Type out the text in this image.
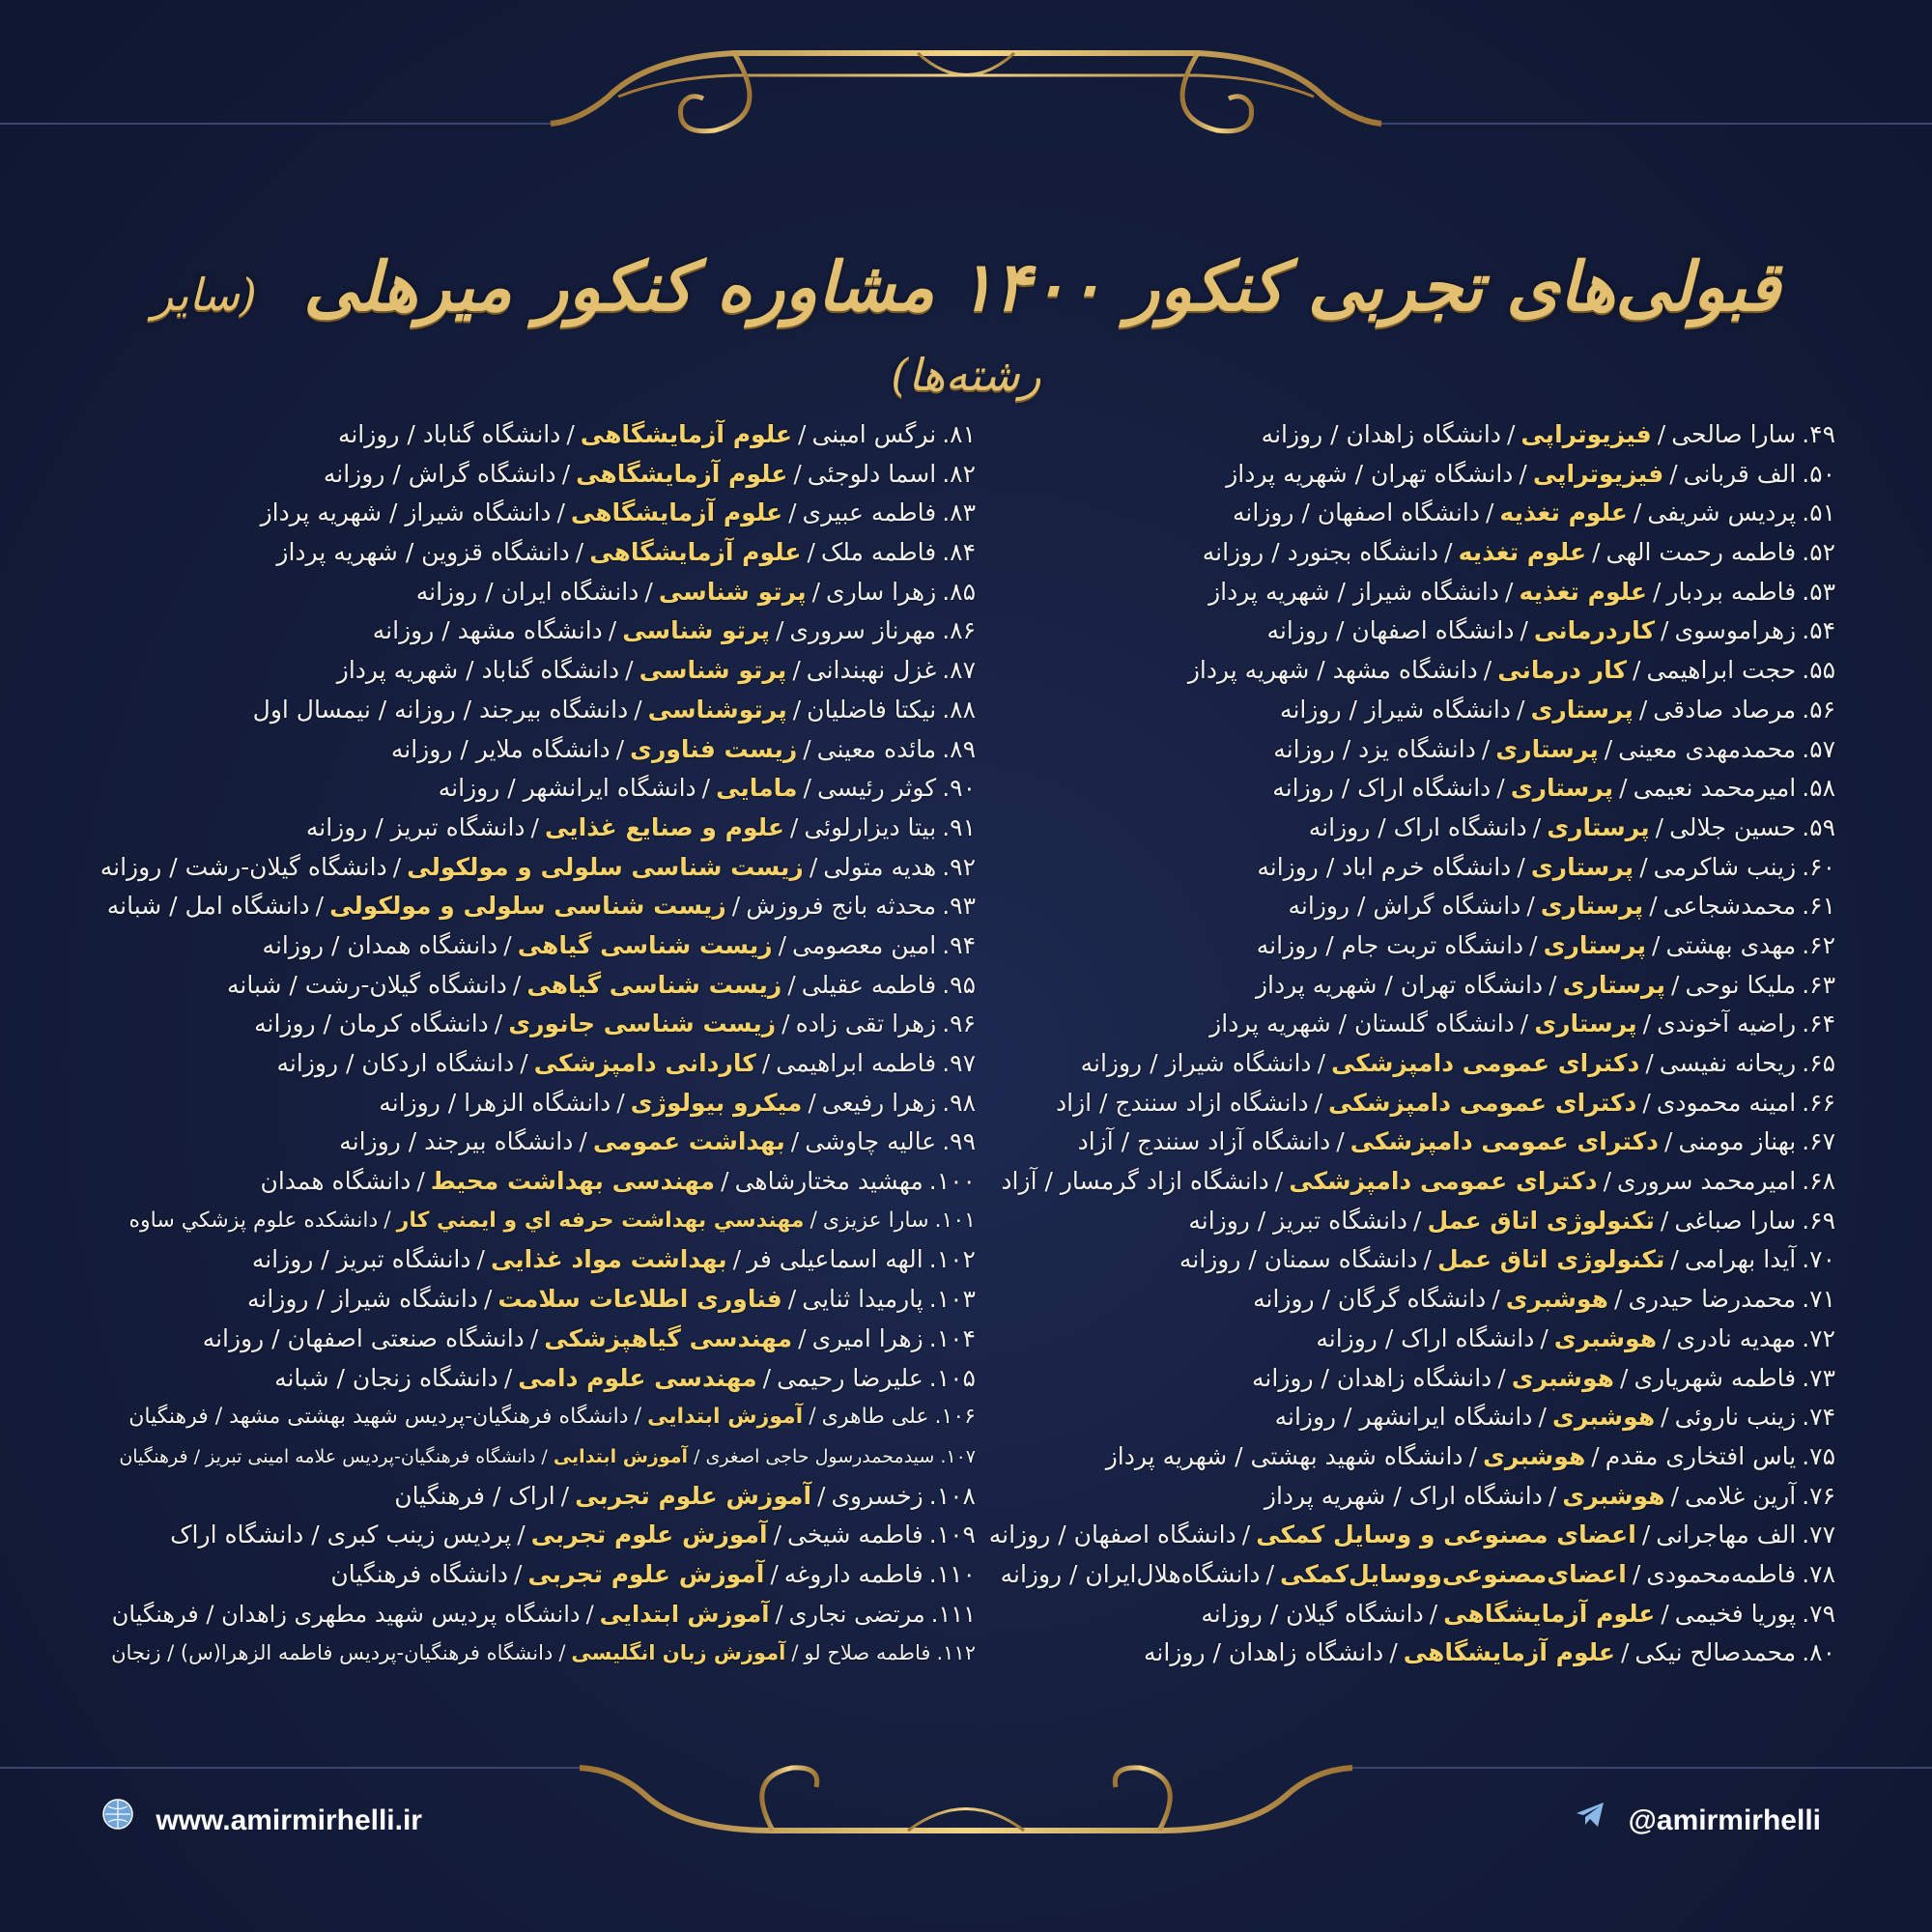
قبولی‌های تجربی کنکور ۱۴۰۰ مشاوره کنکور میرهلی (سایر رشته‌ها)
۴۹.سارا صالحی/فیزیوتراپی/دانشگاه زاهدان / روزانه
۵۰.الف قربانی/فیزیوتراپی/دانشگاه تهران / شهریه پرداز
۵۱.پردیس شریفی/علوم تغذیه/دانشگاه اصفهان / روزانه
۵۲.فاطمه رحمت الهی/علوم تغذیه/دانشگاه بجنورد / روزانه
۵۳.فاطمه بردبار/علوم تغذیه/دانشگاه شیراز / شهریه پرداز
۵۴.زهراموسوی/کاردرمانی/دانشگاه اصفهان / روزانه
۵۵.حجت ابراهیمی/کار درمانی/دانشگاه مشهد / شهریه پرداز
۵۶.مرصاد صادقی/پرستاری/دانشگاه شیراز / روزانه
۵۷.محمدمهدی معینی/پرستاری/دانشگاه یزد / روزانه
۵۸.امیرمحمد نعیمی/پرستاری/دانشگاه اراک / روزانه
۵۹.حسین جلالی/پرستاری/دانشگاه اراک / روزانه
۶۰.زینب شاکرمی/پرستاری/دانشگاه خرم اباد / روزانه
۶۱.محمدشجاعی/پرستاری/دانشگاه گراش / روزانه
۶۲.مهدی بهشتی/پرستاری/دانشگاه تربت جام / روزانه
۶۳.ملیکا نوحی/پرستاری/دانشگاه تهران / شهریه پرداز
۶۴.راضیه آخوندی/پرستاری/دانشگاه گلستان / شهریه پرداز
۶۵.ریحانه نفیسی/دکترای عمومی دامپزشکی/دانشگاه شیراز / روزانه
۶۶.امینه محمودی/دکترای عمومی دامپزشکی/دانشگاه ازاد سنندج / ازاد
۶۷.بهناز مومنی/دکترای عمومی دامپزشکی/دانشگاه آزاد سنندج / آزاد
۶۸.امیرمحمد سروری/دکترای عمومی دامپزشکی/دانشگاه ازاد گرمسار / آزاد
۶۹.سارا صباغی/تکنولوژی اتاق عمل/دانشگاه تبریز / روزانه
۷۰.آیدا بهرامی/تکنولوژی اتاق عمل/دانشگاه سمنان / روزانه
۷۱.محمدرضا حیدری/هوشبری/دانشگاه گرگان / روزانه
۷۲.مهدیه نادری/هوشبری/دانشگاه اراک / روزانه
۷۳.فاطمه شهریاری/هوشبری/دانشگاه زاهدان / روزانه
۷۴.زینب ناروئی/هوشبری/دانشگاه ایرانشهر / روزانه
۷۵.یاس افتخاری مقدم/هوشبری/دانشگاه شهید بهشتی / شهریه پرداز
۷۶.آرین غلامی/هوشبری/دانشگاه اراک / شهریه پرداز
۷۷.الف مهاجرانی/اعضای مصنوعی و وسایل کمکی/دانشگاه اصفهان / روزانه
۷۸.فاطمه‌محمودی/اعضای‌مصنوعی‌ووسایل‌کمکی/دانشگاه‌هلال‌ایران / روزانه
۷۹.پوریا فخیمی/علوم آزمایشگاهی/دانشگاه گیلان / روزانه
۸۰.محمدصالح نیکی/علوم آزمایشگاهی/دانشگاه زاهدان / روزانه
۸۱.نرگس امینی/علوم آزمایشگاهی/دانشگاه گناباد / روزانه
۸۲.اسما دلوجئی/علوم آزمایشگاهی/دانشگاه گراش / روزانه
۸۳.فاطمه عبیری/علوم آزمایشگاهی/دانشگاه شیراز / شهریه پرداز
۸۴.فاطمه ملک/علوم آزمایشگاهی/دانشگاه قزوین / شهریه پرداز
۸۵.زهرا ساری/پرتو شناسی/دانشگاه ایران / روزانه
۸۶.مهرناز سروری/پرتو شناسی/دانشگاه مشهد / روزانه
۸۷.غزل نهبندانی/پرتو شناسی/دانشگاه گناباد / شهریه پرداز
۸۸.نیکتا فاضلیان/پرتوشناسی/دانشگاه بیرجند / روزانه / نیمسال اول
۸۹.مائده معینی/زیست فناوری/دانشگاه ملایر / روزانه
۹۰.کوثر رئیسی/مامایی/دانشگاه ایرانشهر / روزانه
۹۱.بیتا دیزارلوئی/علوم و صنایع غذایی/دانشگاه تبریز / روزانه
۹۲.هدیه متولی/زیست شناسی سلولی و مولکولی/دانشگاه گیلان-رشت / روزانه
۹۳.محدثه بانج فروزش/زیست شناسی سلولی و مولکولی/دانشگاه امل / شبانه
۹۴.امین معصومی/زیست شناسی گیاهی/دانشگاه همدان / روزانه
۹۵.فاطمه عقیلی/زیست شناسی گیاهی/دانشگاه گیلان-رشت / شبانه
۹۶.زهرا تقی زاده/زیست شناسی جانوری/دانشگاه کرمان / روزانه
۹۷.فاطمه ابراهیمی/کاردانی دامپزشکی/دانشگاه اردکان / روزانه
۹۸.زهرا رفیعی/میکرو بیولوژی/دانشگاه الزهرا / روزانه
۹۹.عالیه چاوشی/بهداشت عمومی/دانشگاه بیرجند / روزانه
۱۰۰.مهشید مختارشاهی/مهندسی بهداشت محیط/دانشگاه همدان
۱۰۱.سارا عزیزی/مهندسي بهداشت حرفه اي و ايمني كار/دانشكده علوم پزشكي ساوه
۱۰۲.الهه اسماعیلی فر/بهداشت مواد غذایی/دانشگاه تبریز / روزانه
۱۰۳.پارمیدا ثنایی/فناوری اطلاعات سلامت/دانشگاه شیراز / روزانه
۱۰۴.زهرا امیری/مهندسی گیاهپزشکی/دانشگاه صنعتی اصفهان / روزانه
۱۰۵.علیرضا رحیمی/مهندسی علوم دامی/دانشگاه زنجان / شبانه
۱۰۶.علی طاهری/آموزش ابتدایی/دانشگاه فرهنگیان-پردیس شهید بهشتی مشهد / فرهنگیان
۱۰۷.سیدمحمدرسول حاجی اصغری/آموزش ابتدایی/دانشگاه فرهنگیان-پردیس علامه امینی تبریز / فرهنگیان
۱۰۸.زخسروی/آموزش علوم تجربی/اراک / فرهنگیان
۱۰۹.فاطمه شیخی/آموزش علوم تجربی/پردیس زینب کبری / دانشگاه اراک
۱۱۰.فاطمه داروغه/آموزش علوم تجربی/دانشگاه فرهنگیان
۱۱۱.مرتضی نجاری/آموزش ابتدایی/دانشگاه پردیس شهید مطهری زاهدان / فرهنگیان
۱۱۲.فاطمه صلاح لو/آموزش زبان انگلیسی/دانشگاه فرهنگیان-پردیس فاطمه الزهرا(س) / زنجان
www.amirmirhelli.ir	@amirmirhelli
